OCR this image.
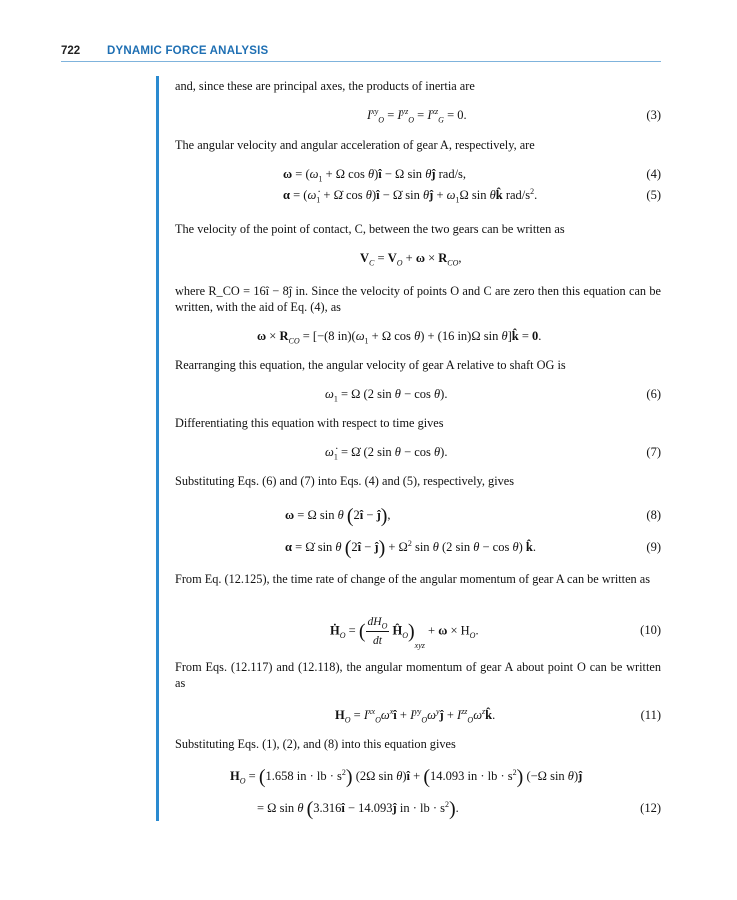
722 DYNAMIC FORCE ANALYSIS
and, since these are principal axes, the products of inertia are
$I^{xy}_O = I^{yz}_O = I^{xz}_G = 0$.	(3)
The angular velocity and angular acceleration of gear A, respectively, are
$\omega = (\omega_1 + \Omega$ cos θ)î − Ω sin θĵ rad/s,	(4)
$\alpha = (\omegȧ_1$ + Ω̇ cos θ)î − Ω̇ sin θĵ + $\omega_1\Omega$ sin θk̂ rad/$s^2$.	(5)
The velocity of the point of contact, C, between the two gears can be written as
$V_C = V_O + \omega \times R_{CO}$,
where R_CO = 16î − 8ĵ in. Since the velocity of points O and C are zero then this equation can be written, with the aid of Eq. (4), as
$\omega \times R_{CO} = [-(8$ $in)(\omega_1 + \Omega$ cos θ) + (16 in)Ω sin θ]k̂ = 0.
Rearranging this equation, the angular velocity of gear A relative to shaft OG is
$\omega_1 = \Omega$ (2 sin θ − cos θ).	(6)
Differentiating this equation with respect to time gives
$\omegȧ_1$ = Ω̇ (2 sin θ − cos θ).	(7)
Substituting Eqs. (6) and (7) into Eqs. (4) and (5), respectively, gives
ω = Ω sin θ (2î − ĵ),	(8)
α = Ω̇ sin θ (2î − ĵ) + $\Omega^2$ sin θ (2 sin θ − cos θ) k̂.	(9)
From Eq. (12.125), the time rate of change of the angular momentum of gear A can be written as
Ḣ$_O$ = ( $\frac{dH_O}{dt}$ $Ĥ_O)_{xyz} + \omega \times H_O$.	(10)
From Eqs. (12.117) and (12.118), the angular momentum of gear A about point O can be written as
$H_O$ = $I^{xx}_O\omega^xî$ + $I^{yy}_O\omega^yĵ$ + $I^{zz}_O\omega^zk̂$.	(11)
Substituting Eqs. (1), (2), and (8) into this equation gives
$H_O = (1.658$ in · lb · $s^2$) (2Ω sin θ)î + (14.093 in · lb · $s^2$) (−Ω sin θ)ĵ
= Ω sin θ (3.316î − 14.093ĵ in · lb · $s^2$).	(12)
